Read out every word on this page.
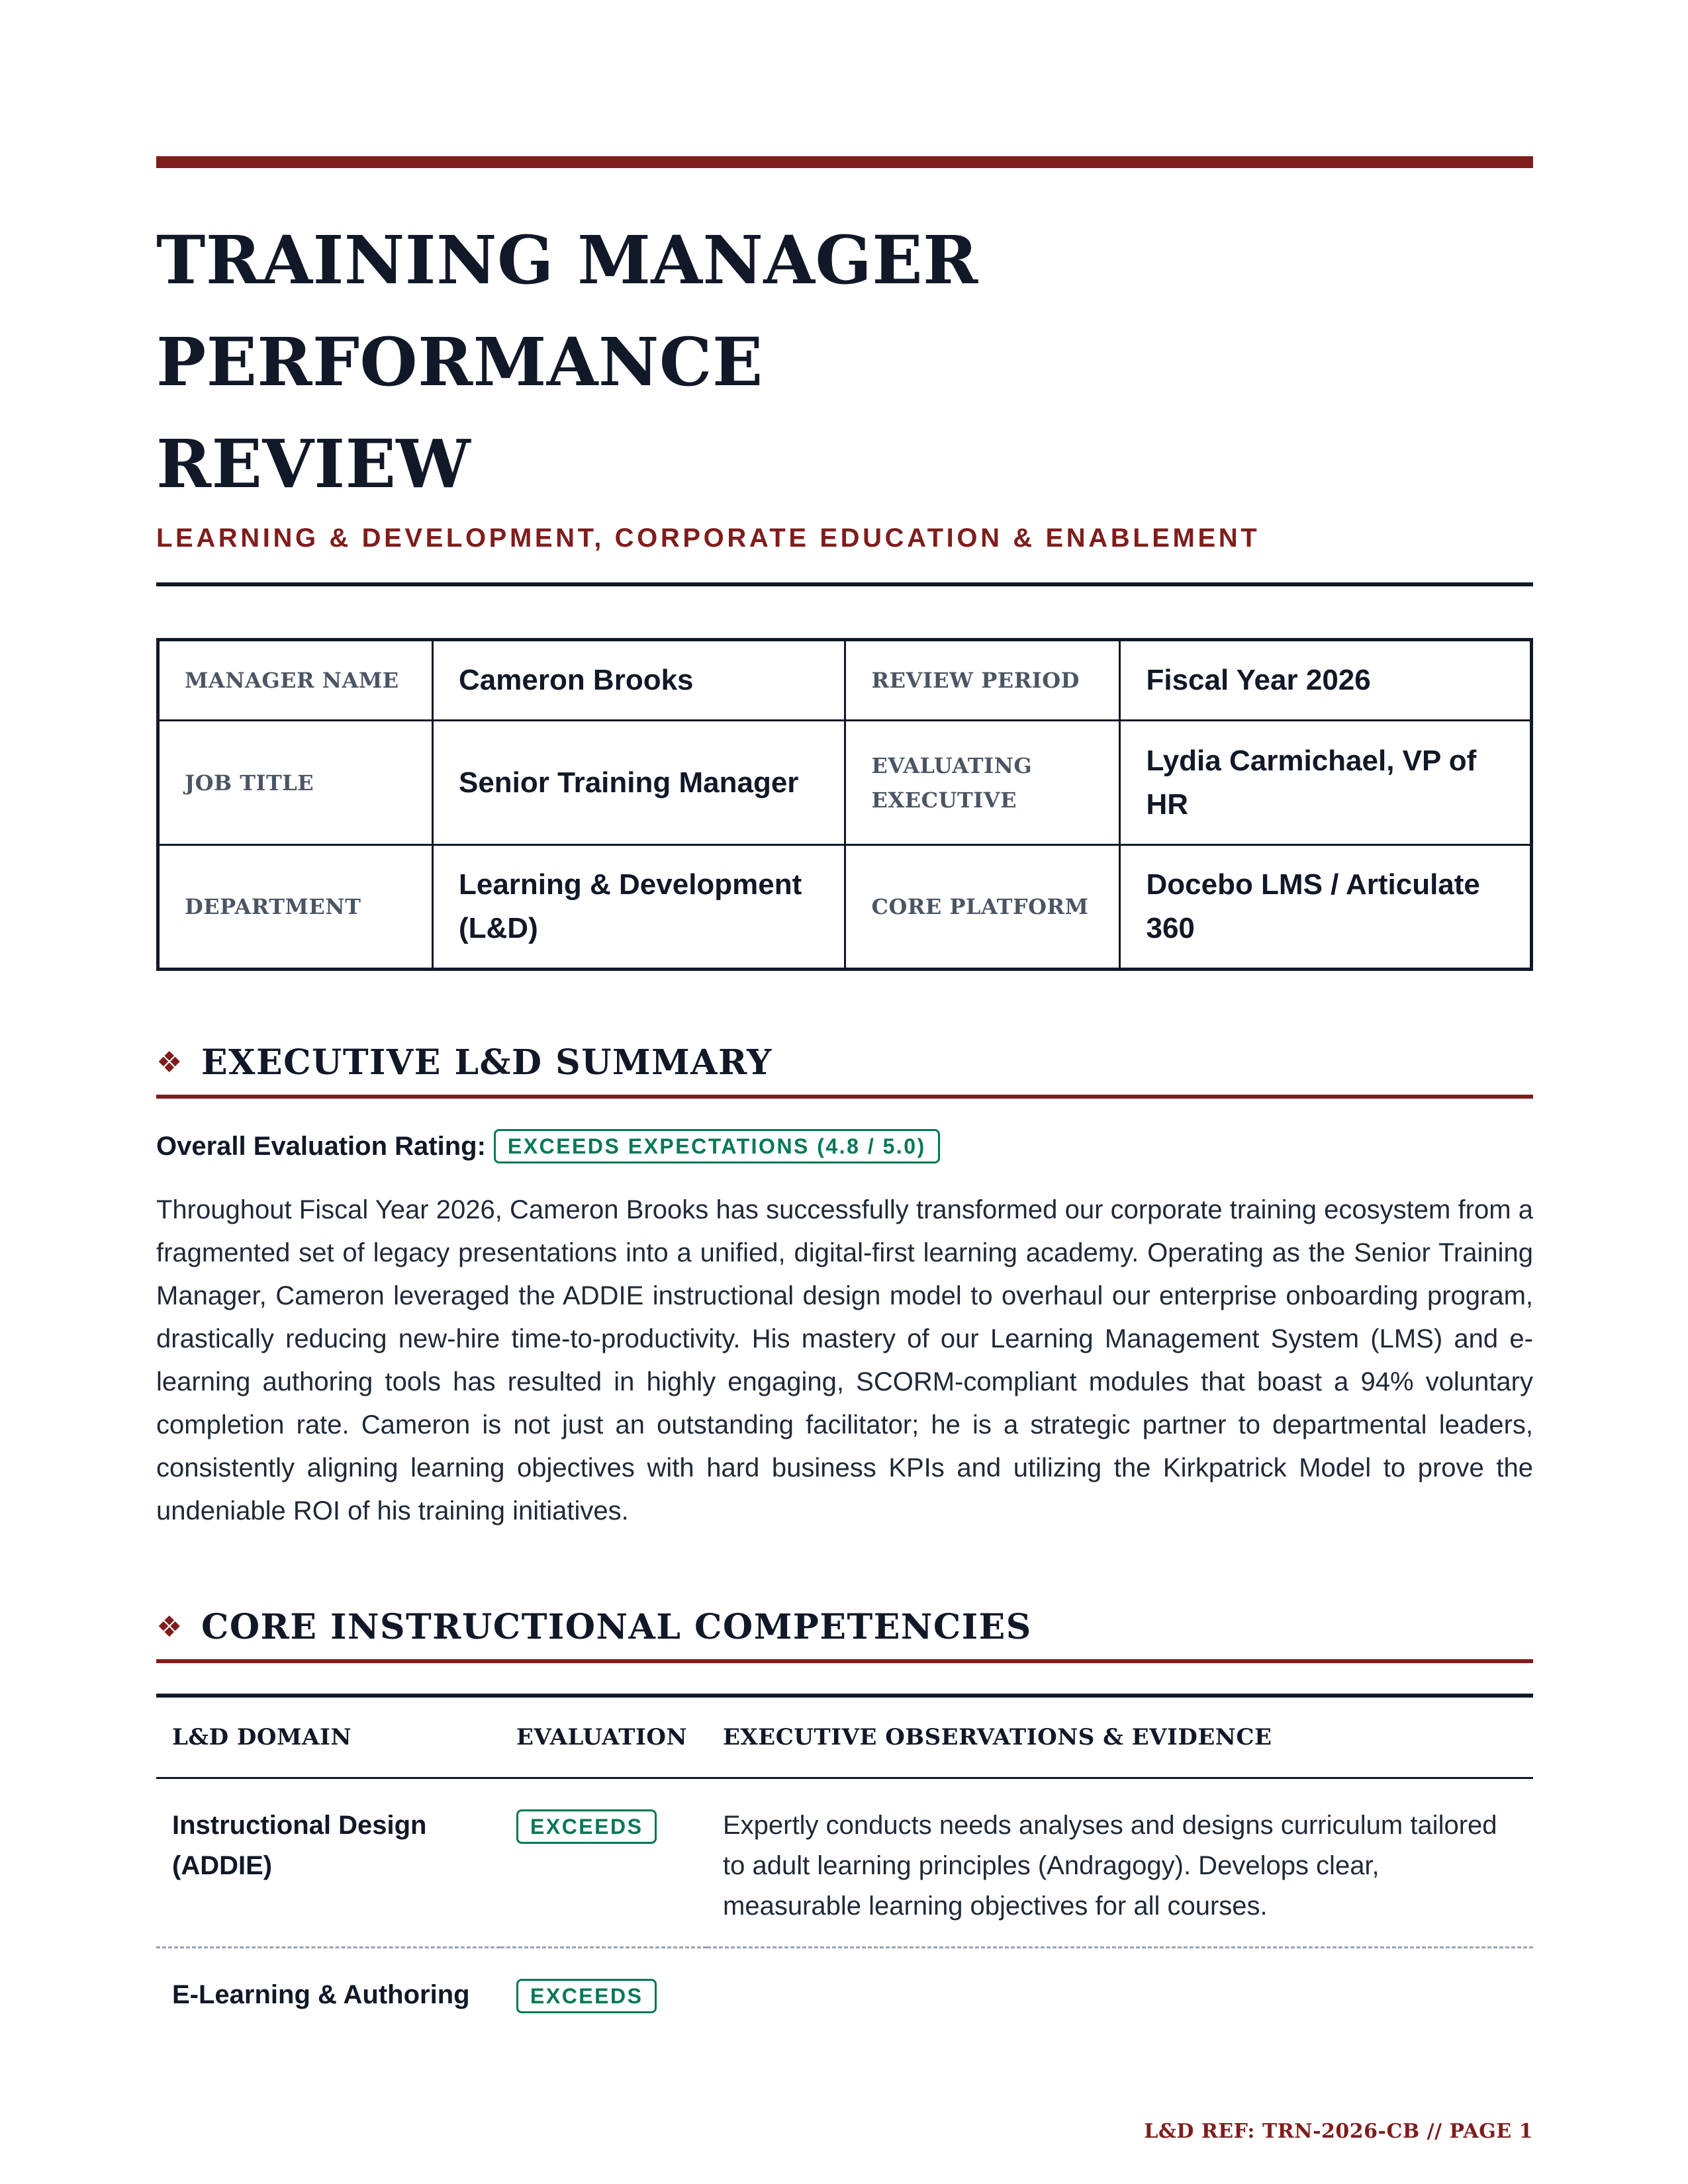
TRAINING MANAGER PERFORMANCE
REVIEW
LEARNING & DEVELOPMENT, CORPORATE EDUCATION & ENABLEMENT
MANAGER NAME	Cameron Brooks	REVIEW PERIOD	Fiscal Year 2026
JOB TITLE	Senior Training Manager	EVALUATING EXECUTIVE	Lydia Carmichael, VP of HR
DEPARTMENT	Learning & Development (L&D)	CORE PLATFORM	Docebo LMS / Articulate 360
❖ EXECUTIVE L&D SUMMARY
Overall Evaluation Rating:	EXCEEDS EXPECTATIONS (4.8 / 5.0)

Throughout Fiscal Year 2026, Cameron Brooks has successfully transformed our corporate training ecosystem from a fragmented set of legacy presentations into a unified, digital-first learning academy. Operating as the Senior Training Manager, Cameron leveraged the ADDIE instructional design model to overhaul our enterprise onboarding program, drastically reducing new-hire time-to-productivity. His mastery of our Learning Management System (LMS) and e-learning authoring tools has resulted in highly engaging, SCORM-compliant modules that boast a 94% voluntary completion rate. Cameron is not just an outstanding facilitator; he is a strategic partner to departmental leaders, consistently aligning learning objectives with hard business KPIs and utilizing the Kirkpatrick Model to prove the undeniable ROI of his training initiatives.

❖ CORE INSTRUCTIONAL COMPETENCIES
L&D DOMAIN	EVALUATION	EXECUTIVE OBSERVATIONS & EVIDENCE
Instructional Design (ADDIE)	EXCEEDS	Expertly conducts needs analyses and designs curriculum tailored to adult learning principles (Andragogy). Develops clear, measurable learning objectives for all courses.
E-Learning & Authoring	EXCEEDS	
L&D REF: TRN-2026-CB // PAGE 1
